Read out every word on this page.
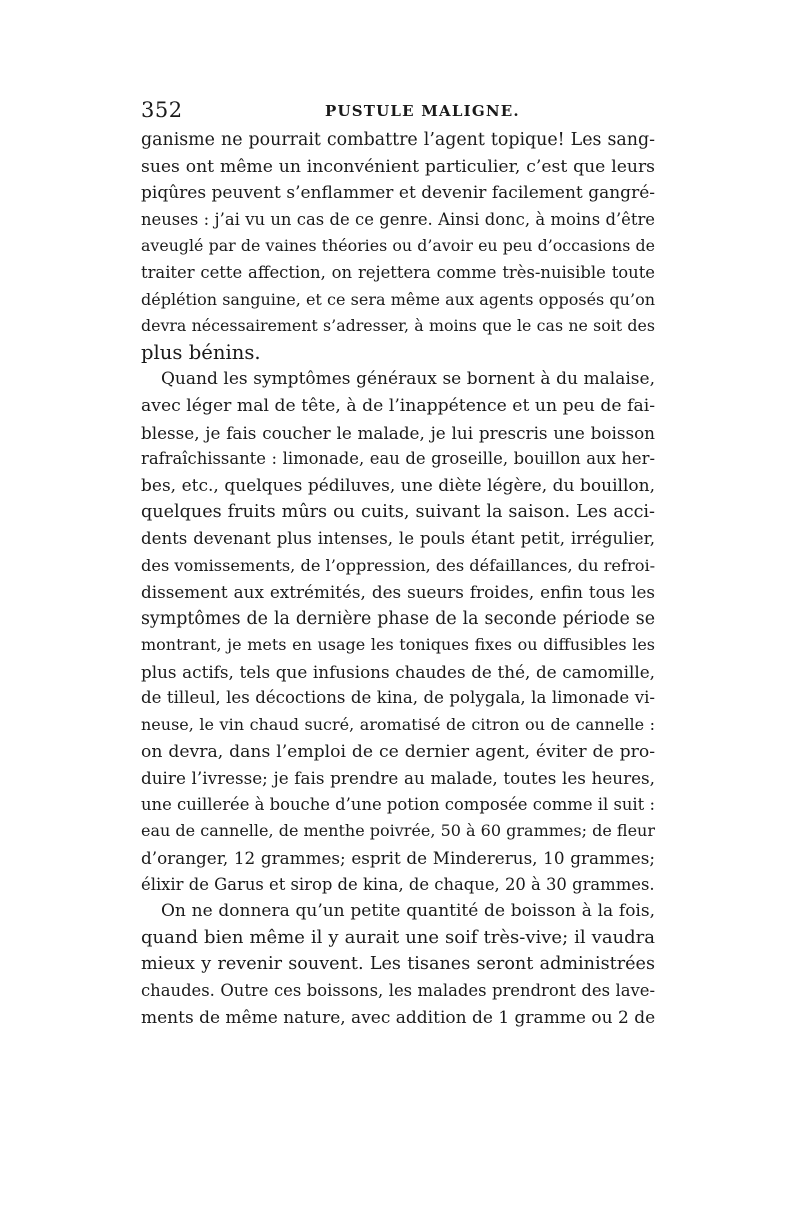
352	PUSTULE MALIGNE.
ganisme ne pourrait combattre l’agent topique! Les sang-
sues ont même un inconvénient particulier, c’est que leurs
piqûres peuvent s’enflammer et devenir facilement gangré-
neuses : j’ai vu un cas de ce genre. Ainsi donc, à moins d’être
aveuglé par de vaines théories ou d’avoir eu peu d’occasions de
traiter cette affection, on rejettera comme très-nuisible toute
déplétion sanguine, et ce sera même aux agents opposés qu’on
devra nécessairement s’adresser, à moins que le cas ne soit des
plus bénins.
Quand les symptômes généraux se bornent à du malaise,
avec léger mal de tête, à de l’inappétence et un peu de fai-
blesse, je fais coucher le malade, je lui prescris une boisson
rafraîchissante : limonade, eau de groseille, bouillon aux her-
bes, etc., quelques pédiluves, une diète légère, du bouillon,
quelques fruits mûrs ou cuits, suivant la saison. Les acci-
dents devenant plus intenses, le pouls étant petit, irrégulier,
des vomissements, de l’oppression, des défaillances, du refroi-
dissement aux extrémités, des sueurs froides, enfin tous les
symptômes de la dernière phase de la seconde période se
montrant, je mets en usage les toniques fixes ou diffusibles les
plus actifs, tels que infusions chaudes de thé, de camomille,
de tilleul, les décoctions de kina, de polygala, la limonade vi-
neuse, le vin chaud sucré, aromatisé de citron ou de cannelle :
on devra, dans l’emploi de ce dernier agent, éviter de pro-
duire l’ivresse; je fais prendre au malade, toutes les heures,
une cuillerée à bouche d’une potion composée comme il suit :
eau de cannelle, de menthe poivrée, 50 à 60 grammes; de fleur
d’oranger, 12 grammes; esprit de Mindererus, 10 grammes;
élixir de Garus et sirop de kina, de chaque, 20 à 30 grammes.
On ne donnera qu’un petite quantité de boisson à la fois,
quand bien même il y aurait une soif très-vive; il vaudra
mieux y revenir souvent. Les tisanes seront administrées
chaudes. Outre ces boissons, les malades prendront des lave-
ments de même nature, avec addition de 1 gramme ou 2 de
